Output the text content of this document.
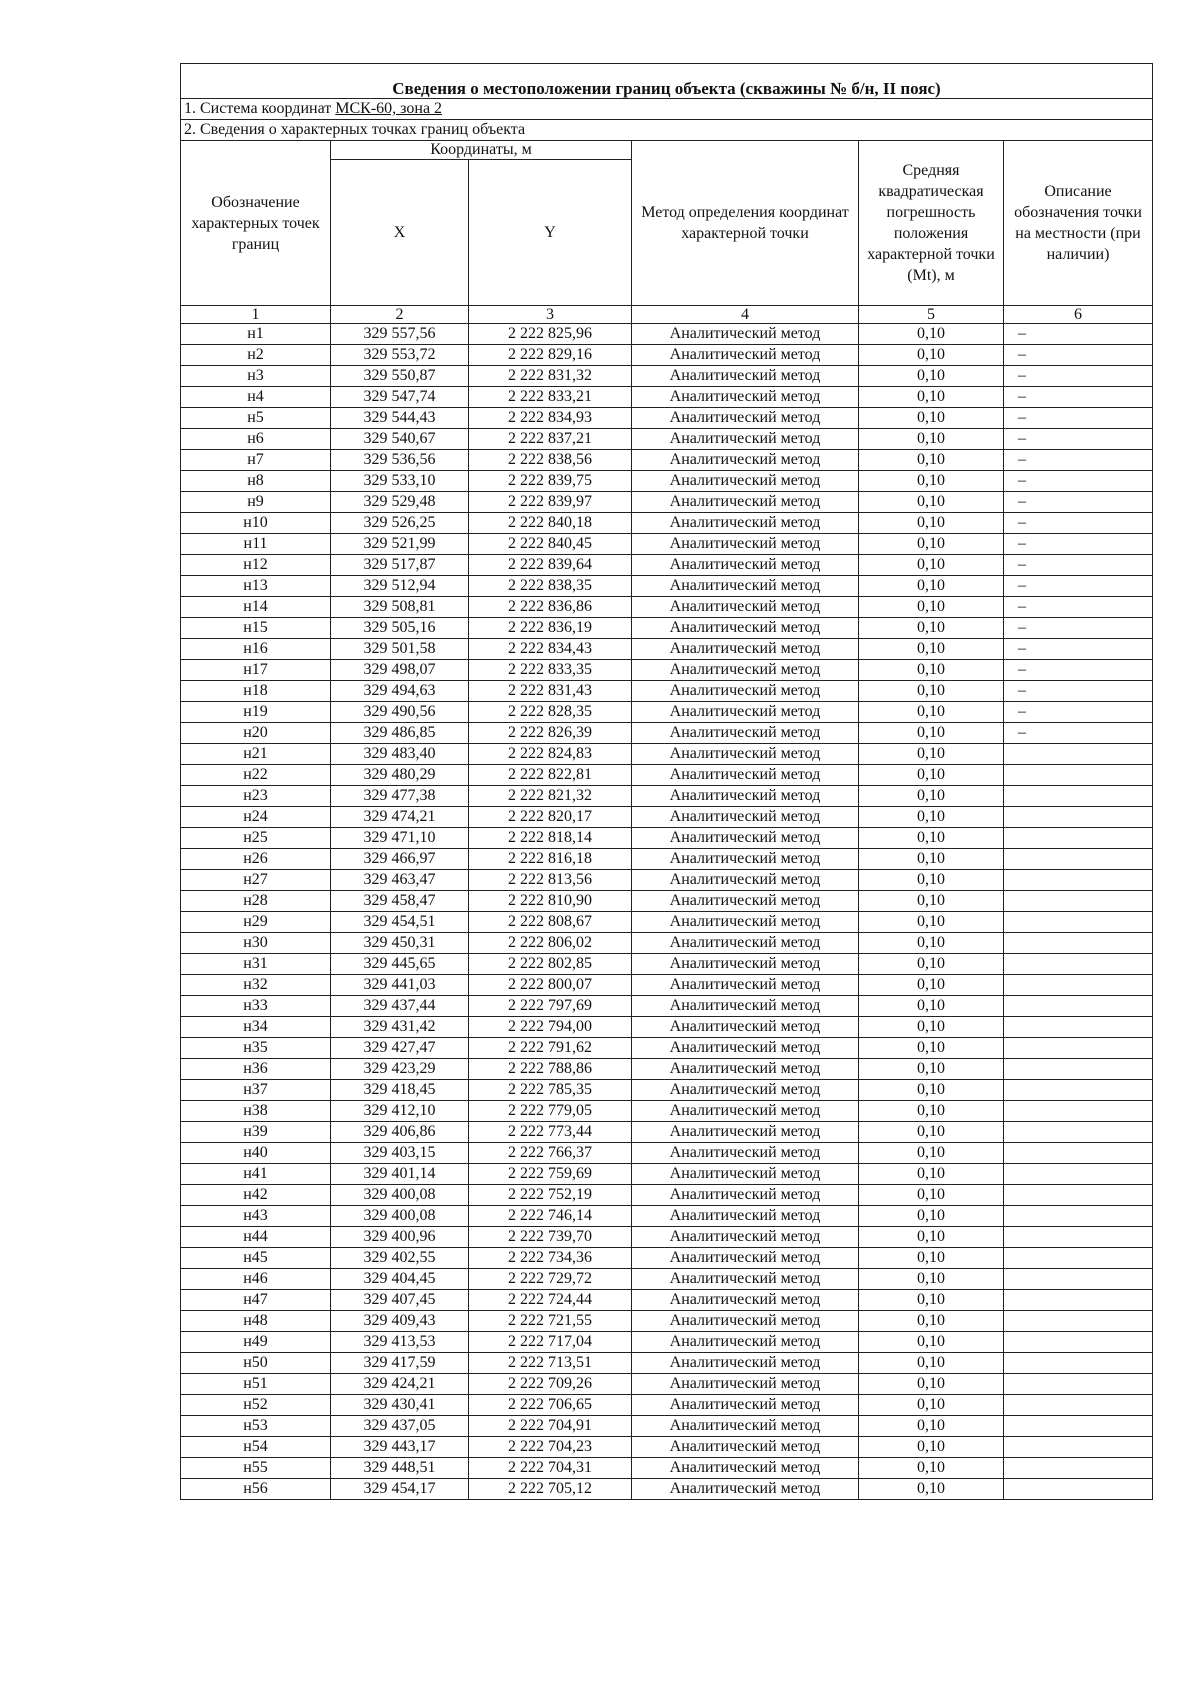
Сведения о местоположении границ объекта (скважины № б/н, II пояс)					
1. Система координат МСК-60, зона 2					
2. Сведения о характерных точках границ объекта					
Обозначение характерных точек границ	Координаты, м		Метод определения координат характерной точки	Средняя квадратическая погрешность положения характерной точки (Mt), м	Описание обозначения точки на местности (при наличии)
	X	Y			
1	2	3	4	5	6
н1	329 557,56	2 222 825,96	Аналитический метод	0,10	–
н2	329 553,72	2 222 829,16	Аналитический метод	0,10	–
н3	329 550,87	2 222 831,32	Аналитический метод	0,10	–
н4	329 547,74	2 222 833,21	Аналитический метод	0,10	–
н5	329 544,43	2 222 834,93	Аналитический метод	0,10	–
н6	329 540,67	2 222 837,21	Аналитический метод	0,10	–
н7	329 536,56	2 222 838,56	Аналитический метод	0,10	–
н8	329 533,10	2 222 839,75	Аналитический метод	0,10	–
н9	329 529,48	2 222 839,97	Аналитический метод	0,10	–
н10	329 526,25	2 222 840,18	Аналитический метод	0,10	–
н11	329 521,99	2 222 840,45	Аналитический метод	0,10	–
н12	329 517,87	2 222 839,64	Аналитический метод	0,10	–
н13	329 512,94	2 222 838,35	Аналитический метод	0,10	–
н14	329 508,81	2 222 836,86	Аналитический метод	0,10	–
н15	329 505,16	2 222 836,19	Аналитический метод	0,10	–
н16	329 501,58	2 222 834,43	Аналитический метод	0,10	–
н17	329 498,07	2 222 833,35	Аналитический метод	0,10	–
н18	329 494,63	2 222 831,43	Аналитический метод	0,10	–
н19	329 490,56	2 222 828,35	Аналитический метод	0,10	–
н20	329 486,85	2 222 826,39	Аналитический метод	0,10	–
н21	329 483,40	2 222 824,83	Аналитический метод	0,10	
н22	329 480,29	2 222 822,81	Аналитический метод	0,10	
н23	329 477,38	2 222 821,32	Аналитический метод	0,10	
н24	329 474,21	2 222 820,17	Аналитический метод	0,10	
н25	329 471,10	2 222 818,14	Аналитический метод	0,10	
н26	329 466,97	2 222 816,18	Аналитический метод	0,10	
н27	329 463,47	2 222 813,56	Аналитический метод	0,10	
н28	329 458,47	2 222 810,90	Аналитический метод	0,10	
н29	329 454,51	2 222 808,67	Аналитический метод	0,10	
н30	329 450,31	2 222 806,02	Аналитический метод	0,10	
н31	329 445,65	2 222 802,85	Аналитический метод	0,10	
н32	329 441,03	2 222 800,07	Аналитический метод	0,10	
н33	329 437,44	2 222 797,69	Аналитический метод	0,10	
н34	329 431,42	2 222 794,00	Аналитический метод	0,10	
н35	329 427,47	2 222 791,62	Аналитический метод	0,10	
н36	329 423,29	2 222 788,86	Аналитический метод	0,10	
н37	329 418,45	2 222 785,35	Аналитический метод	0,10	
н38	329 412,10	2 222 779,05	Аналитический метод	0,10	
н39	329 406,86	2 222 773,44	Аналитический метод	0,10	
н40	329 403,15	2 222 766,37	Аналитический метод	0,10	
н41	329 401,14	2 222 759,69	Аналитический метод	0,10	
н42	329 400,08	2 222 752,19	Аналитический метод	0,10	
н43	329 400,08	2 222 746,14	Аналитический метод	0,10	
н44	329 400,96	2 222 739,70	Аналитический метод	0,10	
н45	329 402,55	2 222 734,36	Аналитический метод	0,10	
н46	329 404,45	2 222 729,72	Аналитический метод	0,10	
н47	329 407,45	2 222 724,44	Аналитический метод	0,10	
н48	329 409,43	2 222 721,55	Аналитический метод	0,10	
н49	329 413,53	2 222 717,04	Аналитический метод	0,10	
н50	329 417,59	2 222 713,51	Аналитический метод	0,10	
н51	329 424,21	2 222 709,26	Аналитический метод	0,10	
н52	329 430,41	2 222 706,65	Аналитический метод	0,10	
н53	329 437,05	2 222 704,91	Аналитический метод	0,10	
н54	329 443,17	2 222 704,23	Аналитический метод	0,10	
н55	329 448,51	2 222 704,31	Аналитический метод	0,10	
н56	329 454,17	2 222 705,12	Аналитический метод	0,10	
